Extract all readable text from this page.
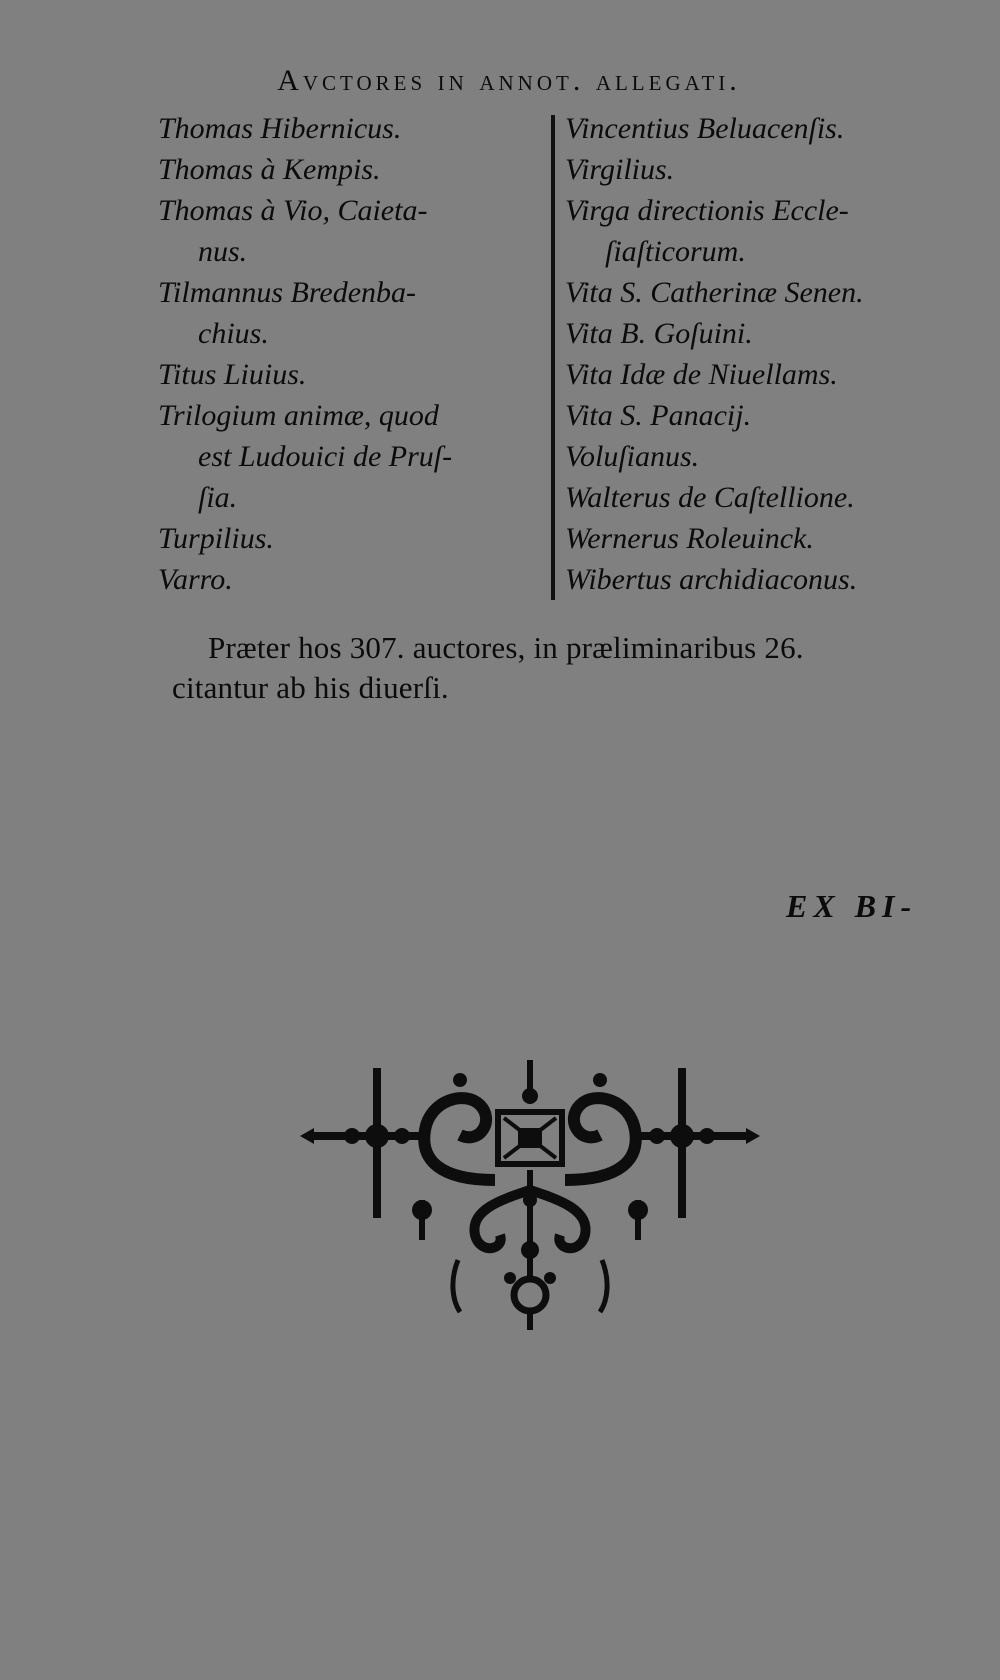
Avctores in annot. allegati.
Thomas Hibernicus.
Thomas à Kempis.
Thomas à Vio, Caieta-
nus.
Tilmannus Bredenba-
chius.
Titus Liuius.
Trilogium animæ, quod
est Ludouici de Pruſ-
ſia.
Turpilius.
Varro.
Vincentius Beluacenſis.
Virgilius.
Virga directionis Eccle-
ſiaſticorum.
Vita S. Catherinæ Senen.
Vita B. Goſuini.
Vita Idæ de Niuellams.
Vita S. Panacij.
Voluſianus.
Walterus de Caſtellione.
Wernerus Roleuinck.
Wibertus archidiaconus.
Præter hos 307. auctores, in præliminaribus 26.
citantur ab his diuerſi.
EX BI-
